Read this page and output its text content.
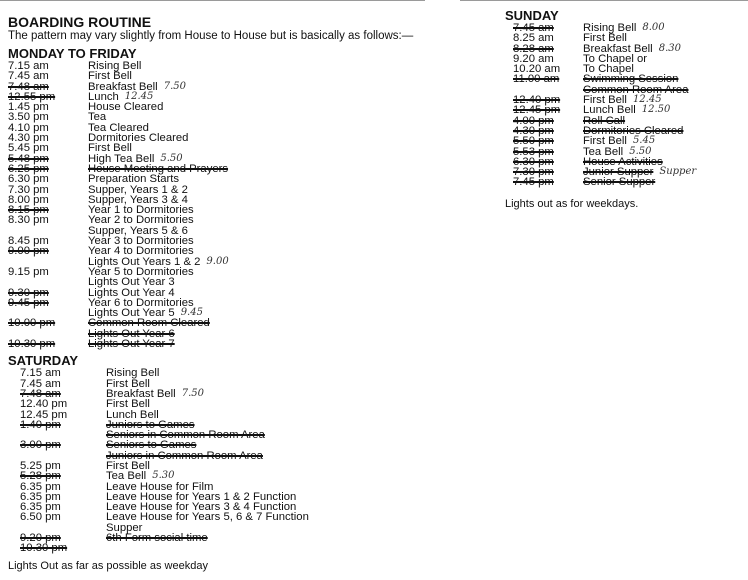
BOARDING ROUTINE
The pattern may vary slightly from House to House but is basically as follows:—
MONDAY TO FRIDAY
7.15 am	Rising Bell
7.45 am	First Bell
7.48 am	Breakfast Bell 7.50
12.55 pm	Lunch 12.45
1.45 pm	House Cleared
3.50 pm	Tea
4.10 pm	Tea Cleared
4.30 pm	Dormitories Cleared
5.45 pm	First Bell
5.48 pm	High Tea Bell 5.50
6.25 pm	House Meeting and Prayers
6.30 pm	Preparation Starts
7.30 pm	Supper, Years 1 & 2
8.00 pm	Supper, Years 3 & 4
8.15 pm	Year 1 to Dormitories
8.30 pm	Year 2 to Dormitories
Supper, Years 5 & 6
8.45 pm	Year 3 to Dormitories
9.00 pm	Year 4 to Dormitories
Lights Out Years 1 & 2 9.00
9.15 pm	Year 5 to Dormitories
Lights Out Year 3
9.30 pm	Lights Out Year 4
9.45 pm	Year 6 to Dormitories
Lights Out Year 5 9.45
10.00 pm	Common Room Cleared
Lights Out Year 6
10.30 pm	Lights Out Year 7
SATURDAY
7.15 am	Rising Bell
7.45 am	First Bell
7.48 am	Breakfast Bell 7.50
12.40 pm	First Bell
12.45 pm	Lunch Bell
1.40 pm	Juniors to Games
Seniors in Common Room Area
3.00 pm	Seniors to Games
Juniors in Common Room Area
5.25 pm	First Bell
5.28 pm	Tea Bell 5.30
6.35 pm	Leave House for Film
6.35 pm	Leave House for Years 1 & 2 Function
6.35 pm	Leave House for Years 3 & 4 Function
6.50 pm	Leave House for Years 5, 6 & 7 Function
Supper
9.20 pm	6th Form social time
10.30 pm
Lights Out as far as possible as weekday
SUNDAY
7.45 am	Rising Bell 8.00
8.25 am	First Bell
8.28 am	Breakfast Bell 8.30
9.20 am	To Chapel or
10.20 am	To Chapel
11.00 am	Swimming Session
Common Room Area
12.40 pm	First Bell 12.45
12.45 pm	Lunch Bell 12.50
4.00 pm	Roll Call
4.30 pm	Dormitories Cleared
5.50 pm	First Bell 5.45
5.53 pm	Tea Bell 5.50
6.30 pm	House Activities
7.30 pm	Junior Supper Supper
7.45 pm	Senior Supper
Lights out as for weekdays.
